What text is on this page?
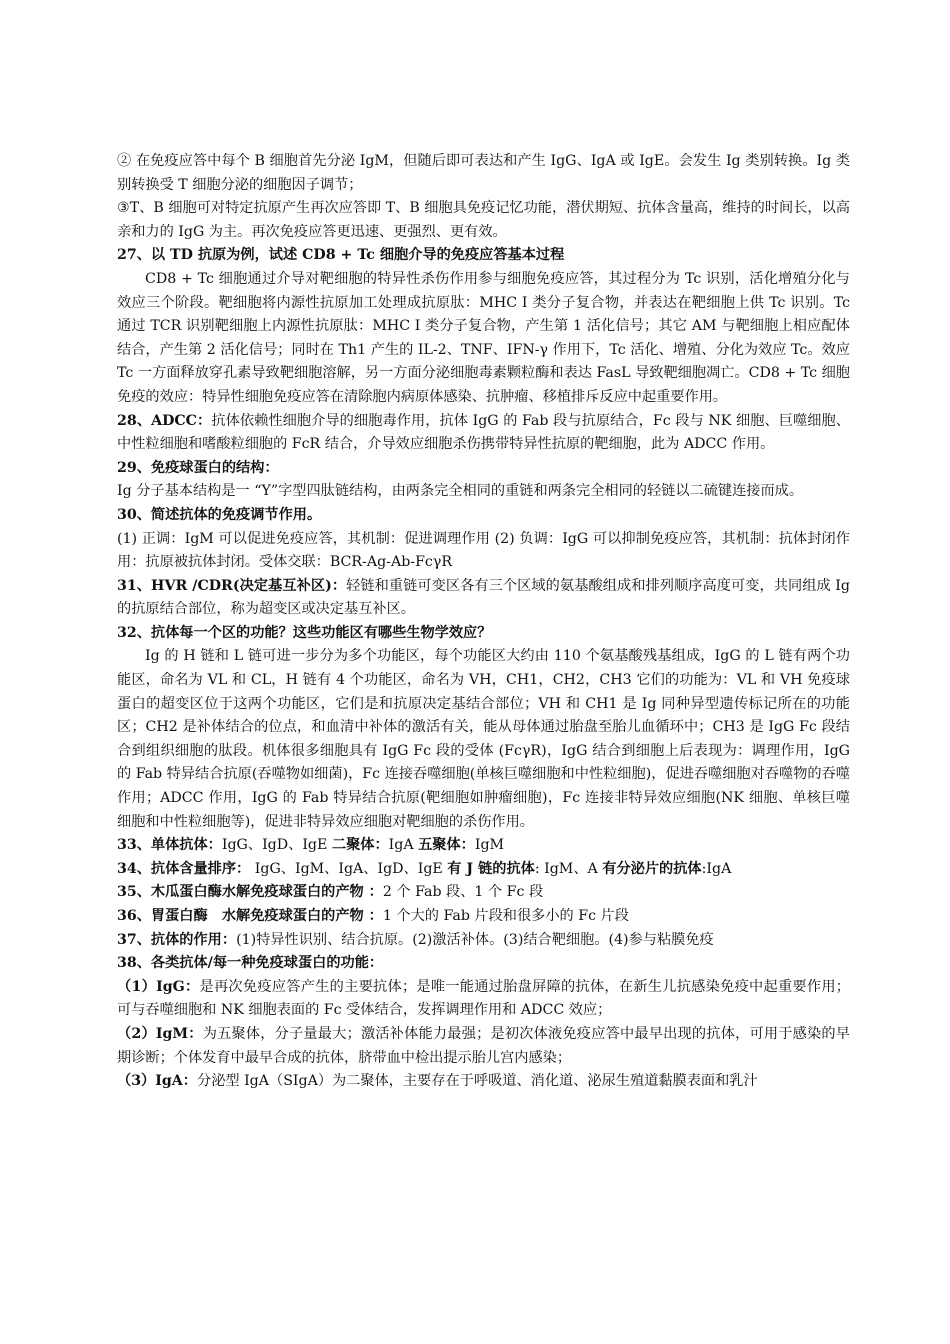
② 在免疫应答中每个 B 细胞首先分泌 IgM，但随后即可表达和产生 IgG、IgA 或 IgE。会发生 Ig 类别转换。Ig 类别转换受 T 细胞分泌的细胞因子调节；

③T、B 细胞可对特定抗原产生再次应答即 T、B 细胞具免疫记忆功能，潜伏期短、抗体含量高，维持的时间长，以高亲和力的 IgG 为主。再次免疫应答更迅速、更强烈、更有效。

27、以 TD 抗原为例，试述 CD8 + Tc 细胞介导的免疫应答基本过程

CD8 + Tc 细胞通过介导对靶细胞的特异性杀伤作用参与细胞免疫应答，其过程分为 Tc 识别，活化增殖分化与效应三个阶段。靶细胞将内源性抗原加工处理成抗原肽：MHC I 类分子复合物，并表达在靶细胞上供 Tc 识别。Tc 通过 TCR 识别靶细胞上内源性抗原肽：MHC I 类分子复合物，产生第 1 活化信号；其它 AM 与靶细胞上相应配体结合，产生第 2 活化信号；同时在 Th1 产生的 IL-2、TNF、IFN-γ 作用下，Tc 活化、增殖、分化为效应 Tc。效应 Tc 一方面释放穿孔素导致靶细胞溶解，另一方面分泌细胞毒素颗粒酶和表达 FasL 导致靶细胞凋亡。CD8 + Tc 细胞免疫的效应：特异性细胞免疫应答在清除胞内病原体感染、抗肿瘤、移植排斥反应中起重要作用。

28、ADCC：抗体依赖性细胞介导的细胞毒作用，抗体 IgG 的 Fab 段与抗原结合，Fc 段与 NK 细胞、巨噬细胞、中性粒细胞和嗜酸粒细胞的 FcR 结合，介导效应细胞杀伤携带特异性抗原的靶细胞，此为 ADCC 作用。

29、免疫球蛋白的结构：

Ig 分子基本结构是一 “Y”字型四肽链结构，由两条完全相同的重链和两条完全相同的轻链以二硫键连接而成。

30、简述抗体的免疫调节作用。

(1) 正调：IgM 可以促进免疫应答，其机制：促进调理作用 (2) 负调：IgG 可以抑制免疫应答，其机制：抗体封闭作用：抗原被抗体封闭。受体交联：BCR-Ag-Ab-FcγR

31、HVR /CDR(决定基互补区)：轻链和重链可变区各有三个区域的氨基酸组成和排列顺序高度可变，共同组成 Ig 的抗原结合部位，称为超变区或决定基互补区。

32、抗体每一个区的功能？这些功能区有哪些生物学效应？

Ig 的 H 链和 L 链可进一步分为多个功能区，每个功能区大约由 110 个氨基酸残基组成，IgG 的 L 链有两个功能区，命名为 VL 和 CL，H 链有 4 个功能区，命名为 VH，CH1，CH2，CH3 它们的功能为：VL 和 VH 免疫球蛋白的超变区位于这两个功能区，它们是和抗原决定基结合部位；VH 和 CH1 是 Ig 同种异型遗传标记所在的功能区；CH2 是补体结合的位点，和血清中补体的激活有关，能从母体通过胎盘至胎儿血循环中；CH3 是 IgG Fc 段结合到组织细胞的肽段。机体很多细胞具有 IgG Fc 段的受体 (FcγR)，IgG 结合到细胞上后表现为：调理作用，IgG 的 Fab 特异结合抗原(吞噬物如细菌)，Fc 连接吞噬细胞(单核巨噬细胞和中性粒细胞)，促进吞噬细胞对吞噬物的吞噬作用；ADCC 作用，IgG 的 Fab 特异结合抗原(靶细胞如肿瘤细胞)，Fc 连接非特异效应细胞(NK 细胞、单核巨噬细胞和中性粒细胞等)，促进非特异效应细胞对靶细胞的杀伤作用。

33、单体抗体：IgG、IgD、IgE 二聚体：IgA 五聚体：IgM

34、抗体含量排序： IgG、IgM、IgA、IgD、IgE 有 J 链的抗体: IgM、A 有分泌片的抗体:IgA

35、木瓜蛋白酶水解免疫球蛋白的产物 ：2 个 Fab 段、1 个 Fc 段

36、胃蛋白酶　水解免疫球蛋白的产物 ：1 个大的 Fab 片段和很多小的 Fc 片段

37、抗体的作用：(1)特异性识别、结合抗原。(2)激活补体。(3)结合靶细胞。(4)参与粘膜免疫

38、各类抗体/每一种免疫球蛋白的功能：

（1）IgG：是再次免疫应答产生的主要抗体；是唯一能通过胎盘屏障的抗体，在新生儿抗感染免疫中起重要作用；可与吞噬细胞和 NK 细胞表面的 Fc 受体结合，发挥调理作用和 ADCC 效应；

（2）IgM：为五聚体，分子量最大；激活补体能力最强；是初次体液免疫应答中最早出现的抗体，可用于感染的早期诊断；个体发育中最早合成的抗体，脐带血中检出提示胎儿宫内感染；

（3）IgA：分泌型 IgA（SIgA）为二聚体，主要存在于呼吸道、消化道、泌尿生殖道黏膜表面和乳汁
